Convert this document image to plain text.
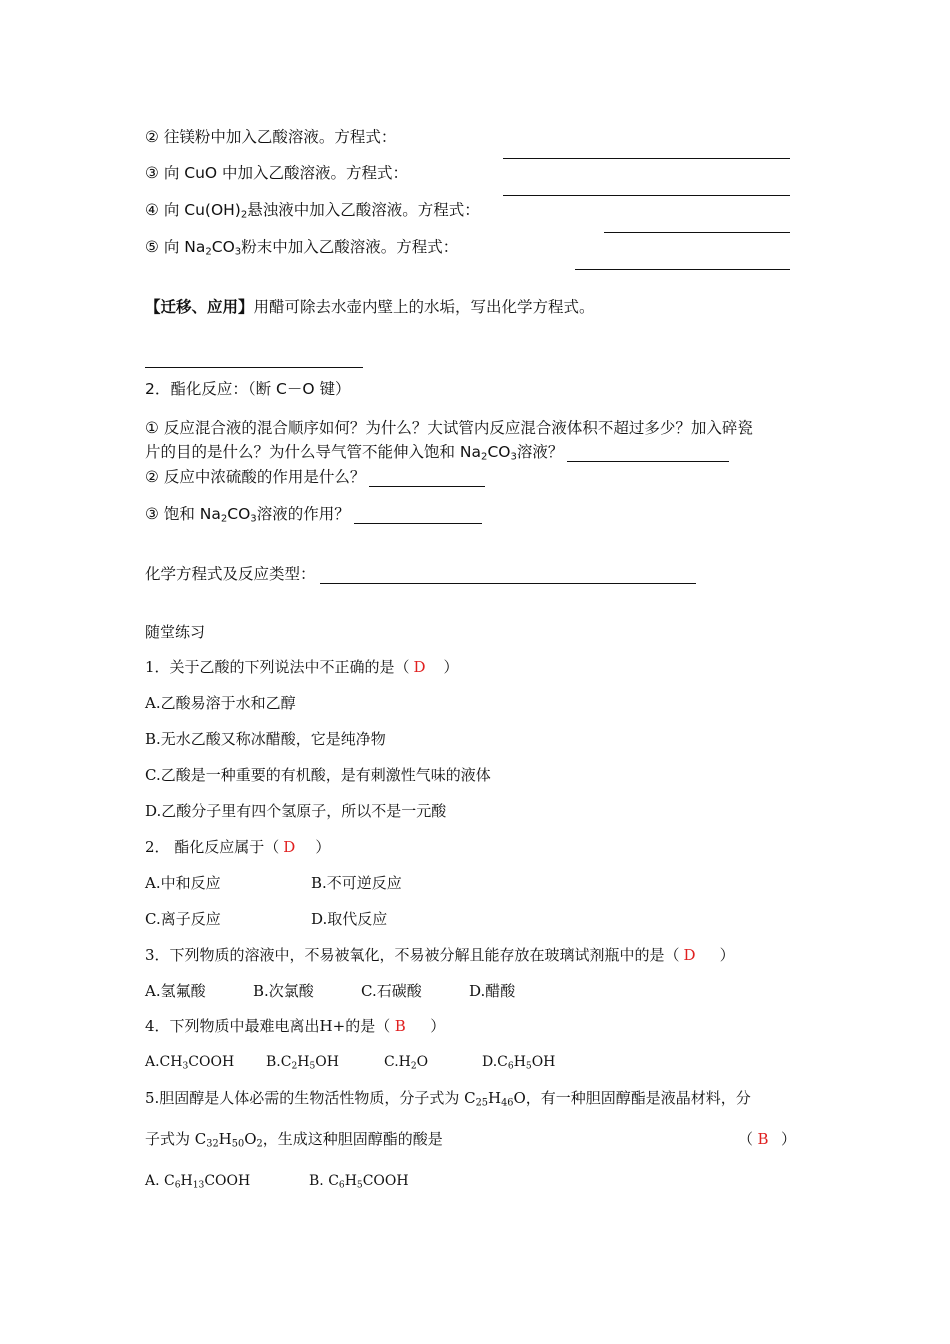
② 往镁粉中加入乙酸溶液。方程式：
③ 向 CuO 中加入乙酸溶液。方程式：
④ 向 $Cu(OH)_2$悬浊液中加入乙酸溶液。方程式：
⑤ 向 $Na_2CO_3$粉末中加入乙酸溶液。方程式：
【迁移、应用】用醋可除去水壶内壁上的水垢，写出化学方程式。
2．酯化反应：（断 C－O 键）
① 反应混合液的混合顺序如何？为什么？大试管内反应混合液体积不超过多少？加入碎瓷
片的目的是什么？为什么导气管不能伸入饱和 $Na_2CO_3$溶液？
② 反应中浓硫酸的作用是什么？
③ 饱和 $Na_2CO_3$溶液的作用？
化学方程式及反应类型：
随堂练习
1．关于乙酸的下列说法中不正确的是（ D ）
A.乙酸易溶于水和乙醇
B.无水乙酸又称冰醋酸，它是纯净物
C.乙酸是一种重要的有机酸，是有刺激性气味的液体
D.乙酸分子里有四个氢原子，所以不是一元酸
2． 酯化反应属于（ D ）
A.中和反应	B.不可逆反应
C.离子反应	D.取代反应
3．下列物质的溶液中，不易被氧化，不易被分解且能存放在玻璃试剂瓶中的是（ D ）
A.氢氟酸	B.次氯酸	C.石碳酸	D.醋酸
4．下列物质中最难电离出H+的是（ B ）
$A.CH_3COOH$ $B.C_2H_5OH$	$C.H_2O$	$D.C_6H_5OH$
5.胆固醇是人体必需的生物活性物质，分子式为 $C_{25}H_{46}O$，有一种胆固醇酯是液晶材料，分
子式为 $C_{32}H_{50}O_2$，生成这种胆固醇酯的酸是	（ B ）
A. $C_6H_{13}COOH$	B. $C_6H_5COOH$
